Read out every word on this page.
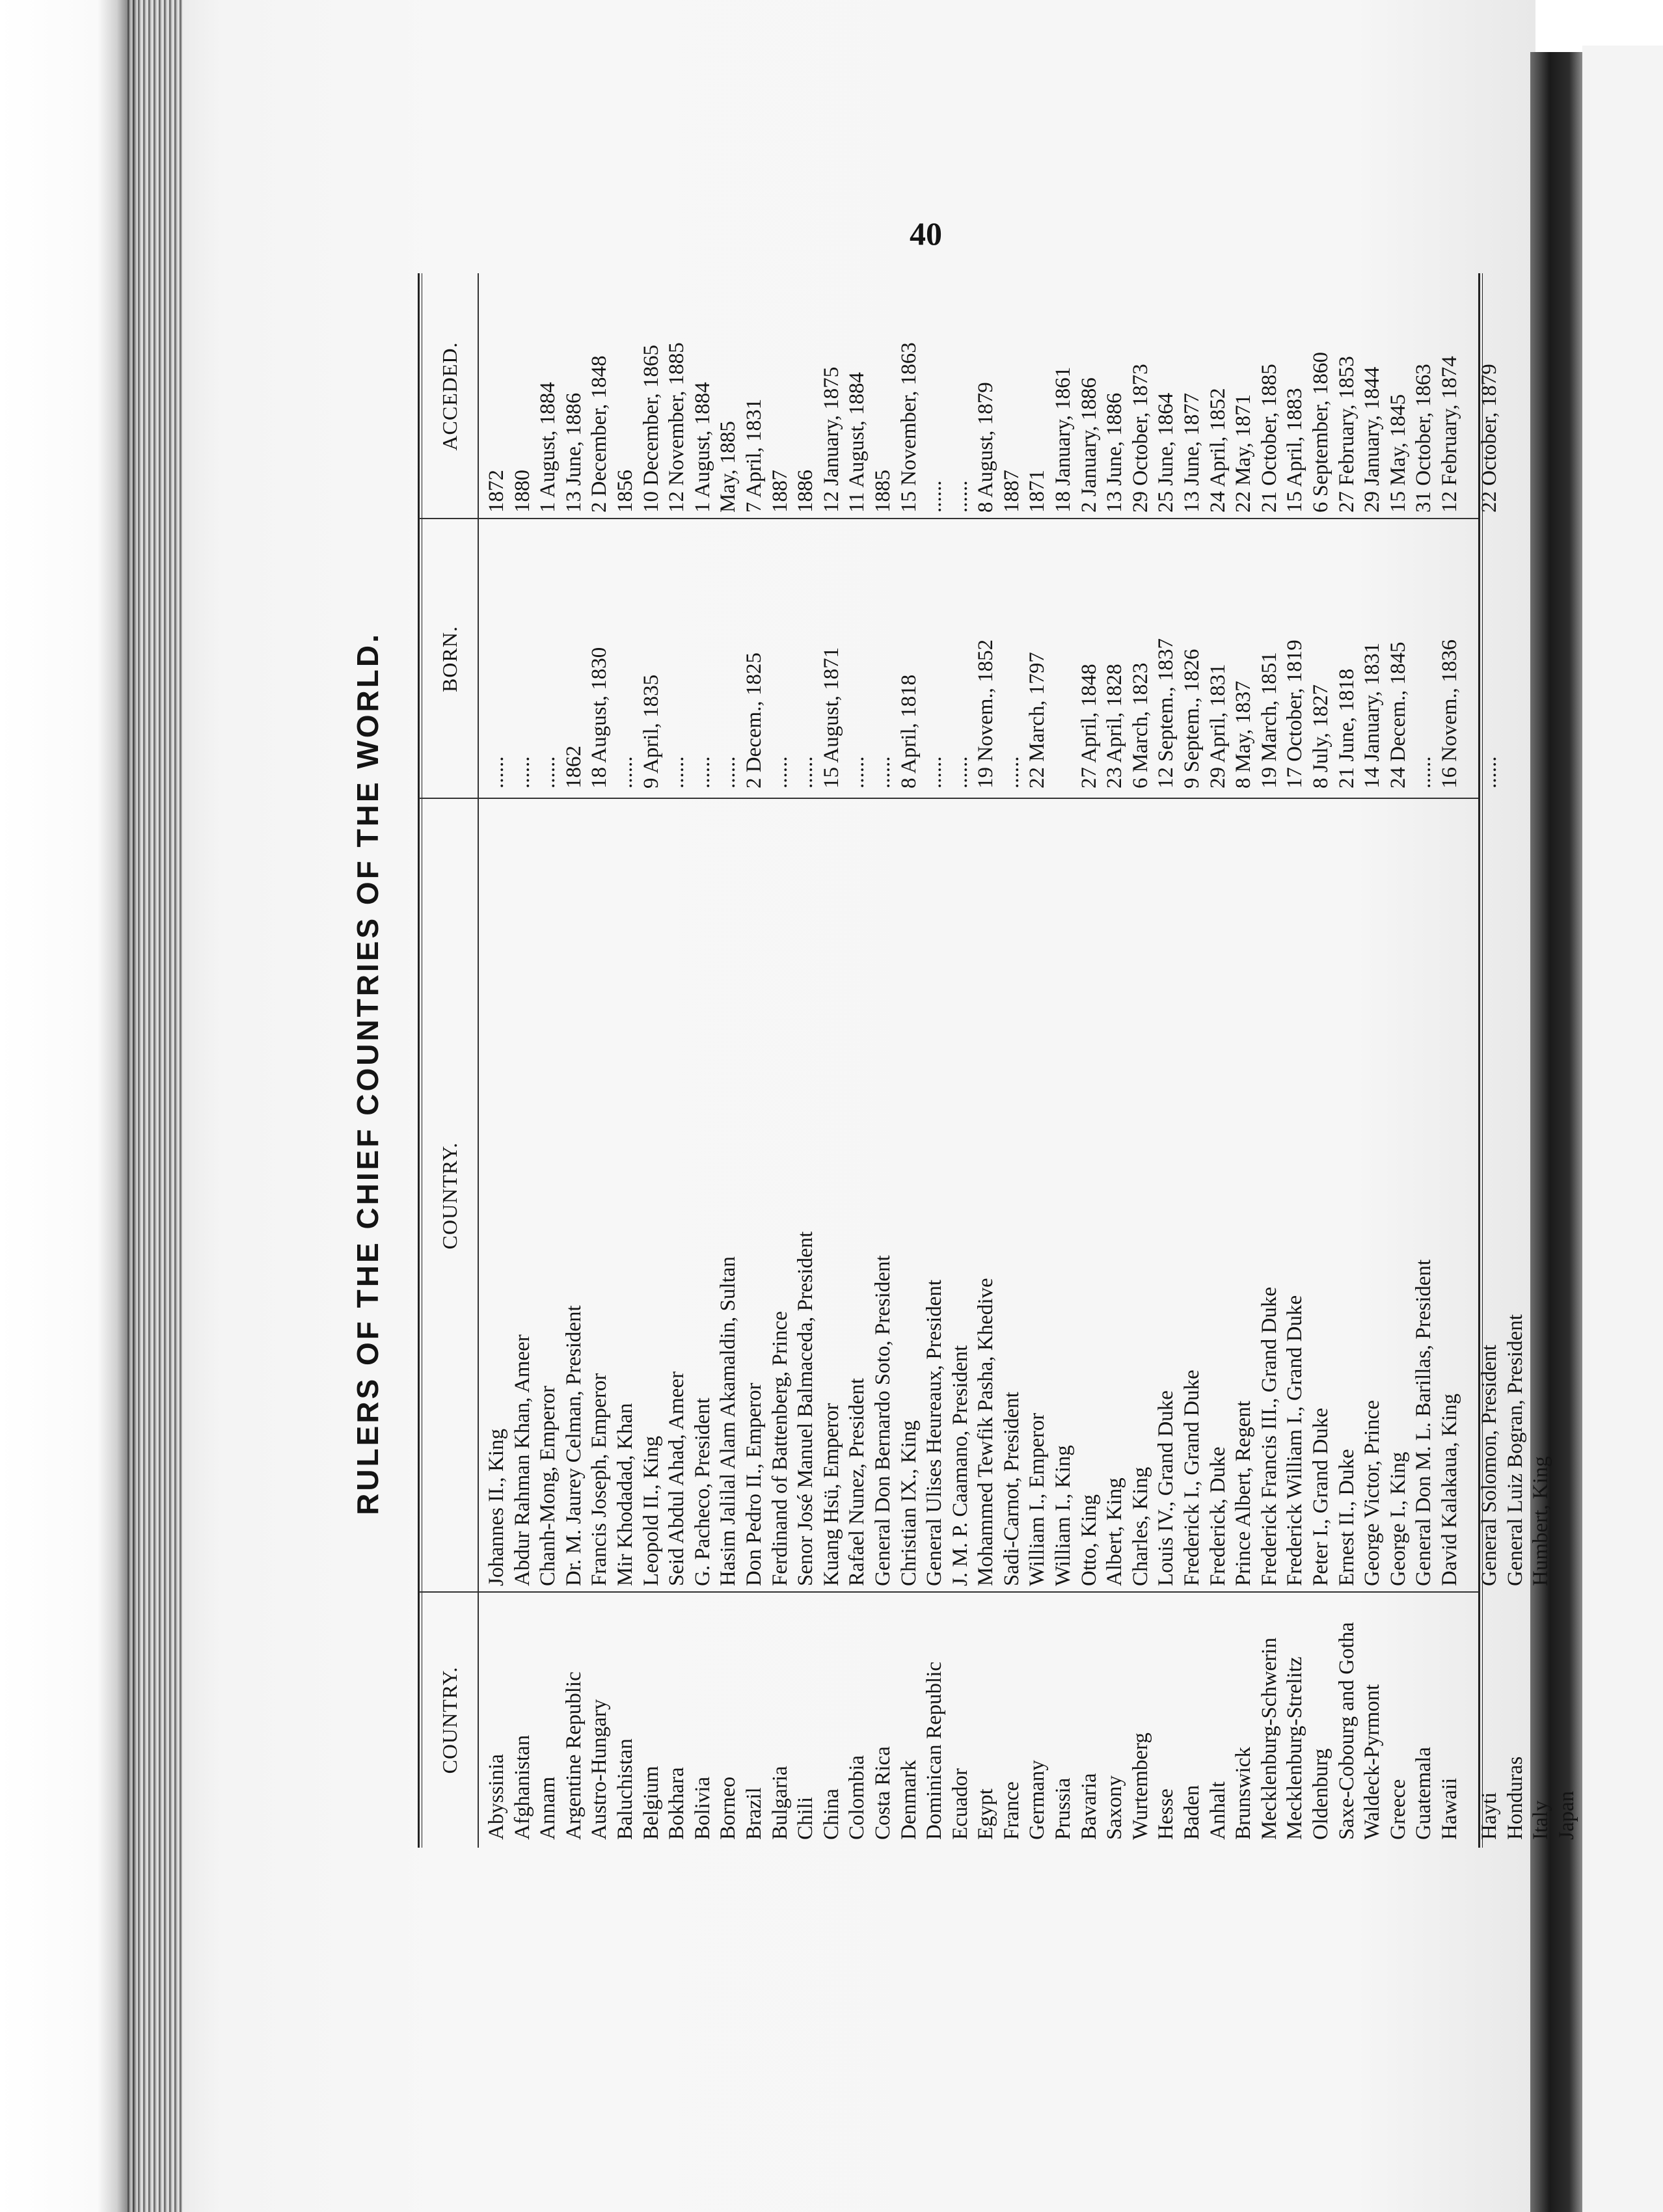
40
RULERS OF THE CHIEF COUNTRIES OF THE WORLD.
COUNTRY.
COUNTRY.
BORN.
ACCEDED.
Abyssinia
Johannes II., King
......
1872
Afghanistan
Abdur Rahman Khan, Ameer
......
1880
Annam
Chanh-Mong, Emperor
......
1 August, 1884
Argentine Republic
Dr. M. Jaurey Celman, President
1862
13 June, 1886
Austro-Hungary
Francis Joseph, Emperor
18 August, 1830
2 December, 1848
Baluchistan
Mir Khodadad, Khan
......
1856
Belgium
Leopold II., King
9 April, 1835
10 December, 1865
Bokhara
Seid Abdul Ahad, Ameer
......
12 November, 1885
Bolivia
G. Pacheco, President
......
1 August, 1884
Borneo
Hasim Jalilal Alam Akamaldin, Sultan
......
May, 1885
Brazil
Don Pedro II., Emperor
2 Decem., 1825
7 April, 1831
Bulgaria
Ferdinand of Battenberg, Prince
......
1887
Chili
Senor José Manuel Balmaceda, President
......
1886
China
Kuang Hsü, Emperor
15 August, 1871
12 January, 1875
Colombia
Rafael Nunez, President
......
11 August, 1884
Costa Rica
General Don Bernardo Soto, President
......
1885
Denmark
Christian IX., King
8 April, 1818
15 November, 1863
Dominican Republic
General Ulises Heureaux, President
......
......
Ecuador
J. M. P. Caamano, President
......
......
Egypt
Mohammed Tewfik Pasha, Khedive
19 Novem., 1852
8 August, 1879
France
Sadi-Carnot, President
......
1887
Germany
William I., Emperor
22 March, 1797
1871
Prussia
William I., King
18 January, 1861
Bavaria
Otto, King
27 April, 1848
2 January, 1886
Saxony
Albert, King
23 April, 1828
13 June, 1886
Wurtemberg
Charles, King
6 March, 1823
29 October, 1873
Hesse
Louis IV., Grand Duke
12 Septem., 1837
25 June, 1864
Baden
Frederick I., Grand Duke
9 Septem., 1826
13 June, 1877
Anhalt
Frederick, Duke
29 April, 1831
24 April, 1852
Brunswick
Prince Albert, Regent
8 May, 1837
22 May, 1871
Mecklenburg-Schwerin
Frederick Francis III., Grand Duke
19 March, 1851
21 October, 1885
Mecklenburg-Strelitz
Frederick William I., Grand Duke
17 October, 1819
15 April, 1883
Oldenburg
Peter I., Grand Duke
8 July, 1827
6 September, 1860
Saxe-Cobourg and Gotha
Ernest II., Duke
21 June, 1818
27 February, 1853
Waldeck-Pyrmont
George Victor, Prince
14 January, 1831
29 January, 1844
Greece
George I., King
24 Decem., 1845
15 May, 1845
Guatemala
General Don M. L. Barillas, President
......
31 October, 1863
Hawaii
David Kalakaua, King
16 Novem., 1836
12 February, 1874
Hayti
General Solomon, President
......
22 October, 1879
Honduras
General Luiz Bogran, President
Italy
Humbert, King
Japan
